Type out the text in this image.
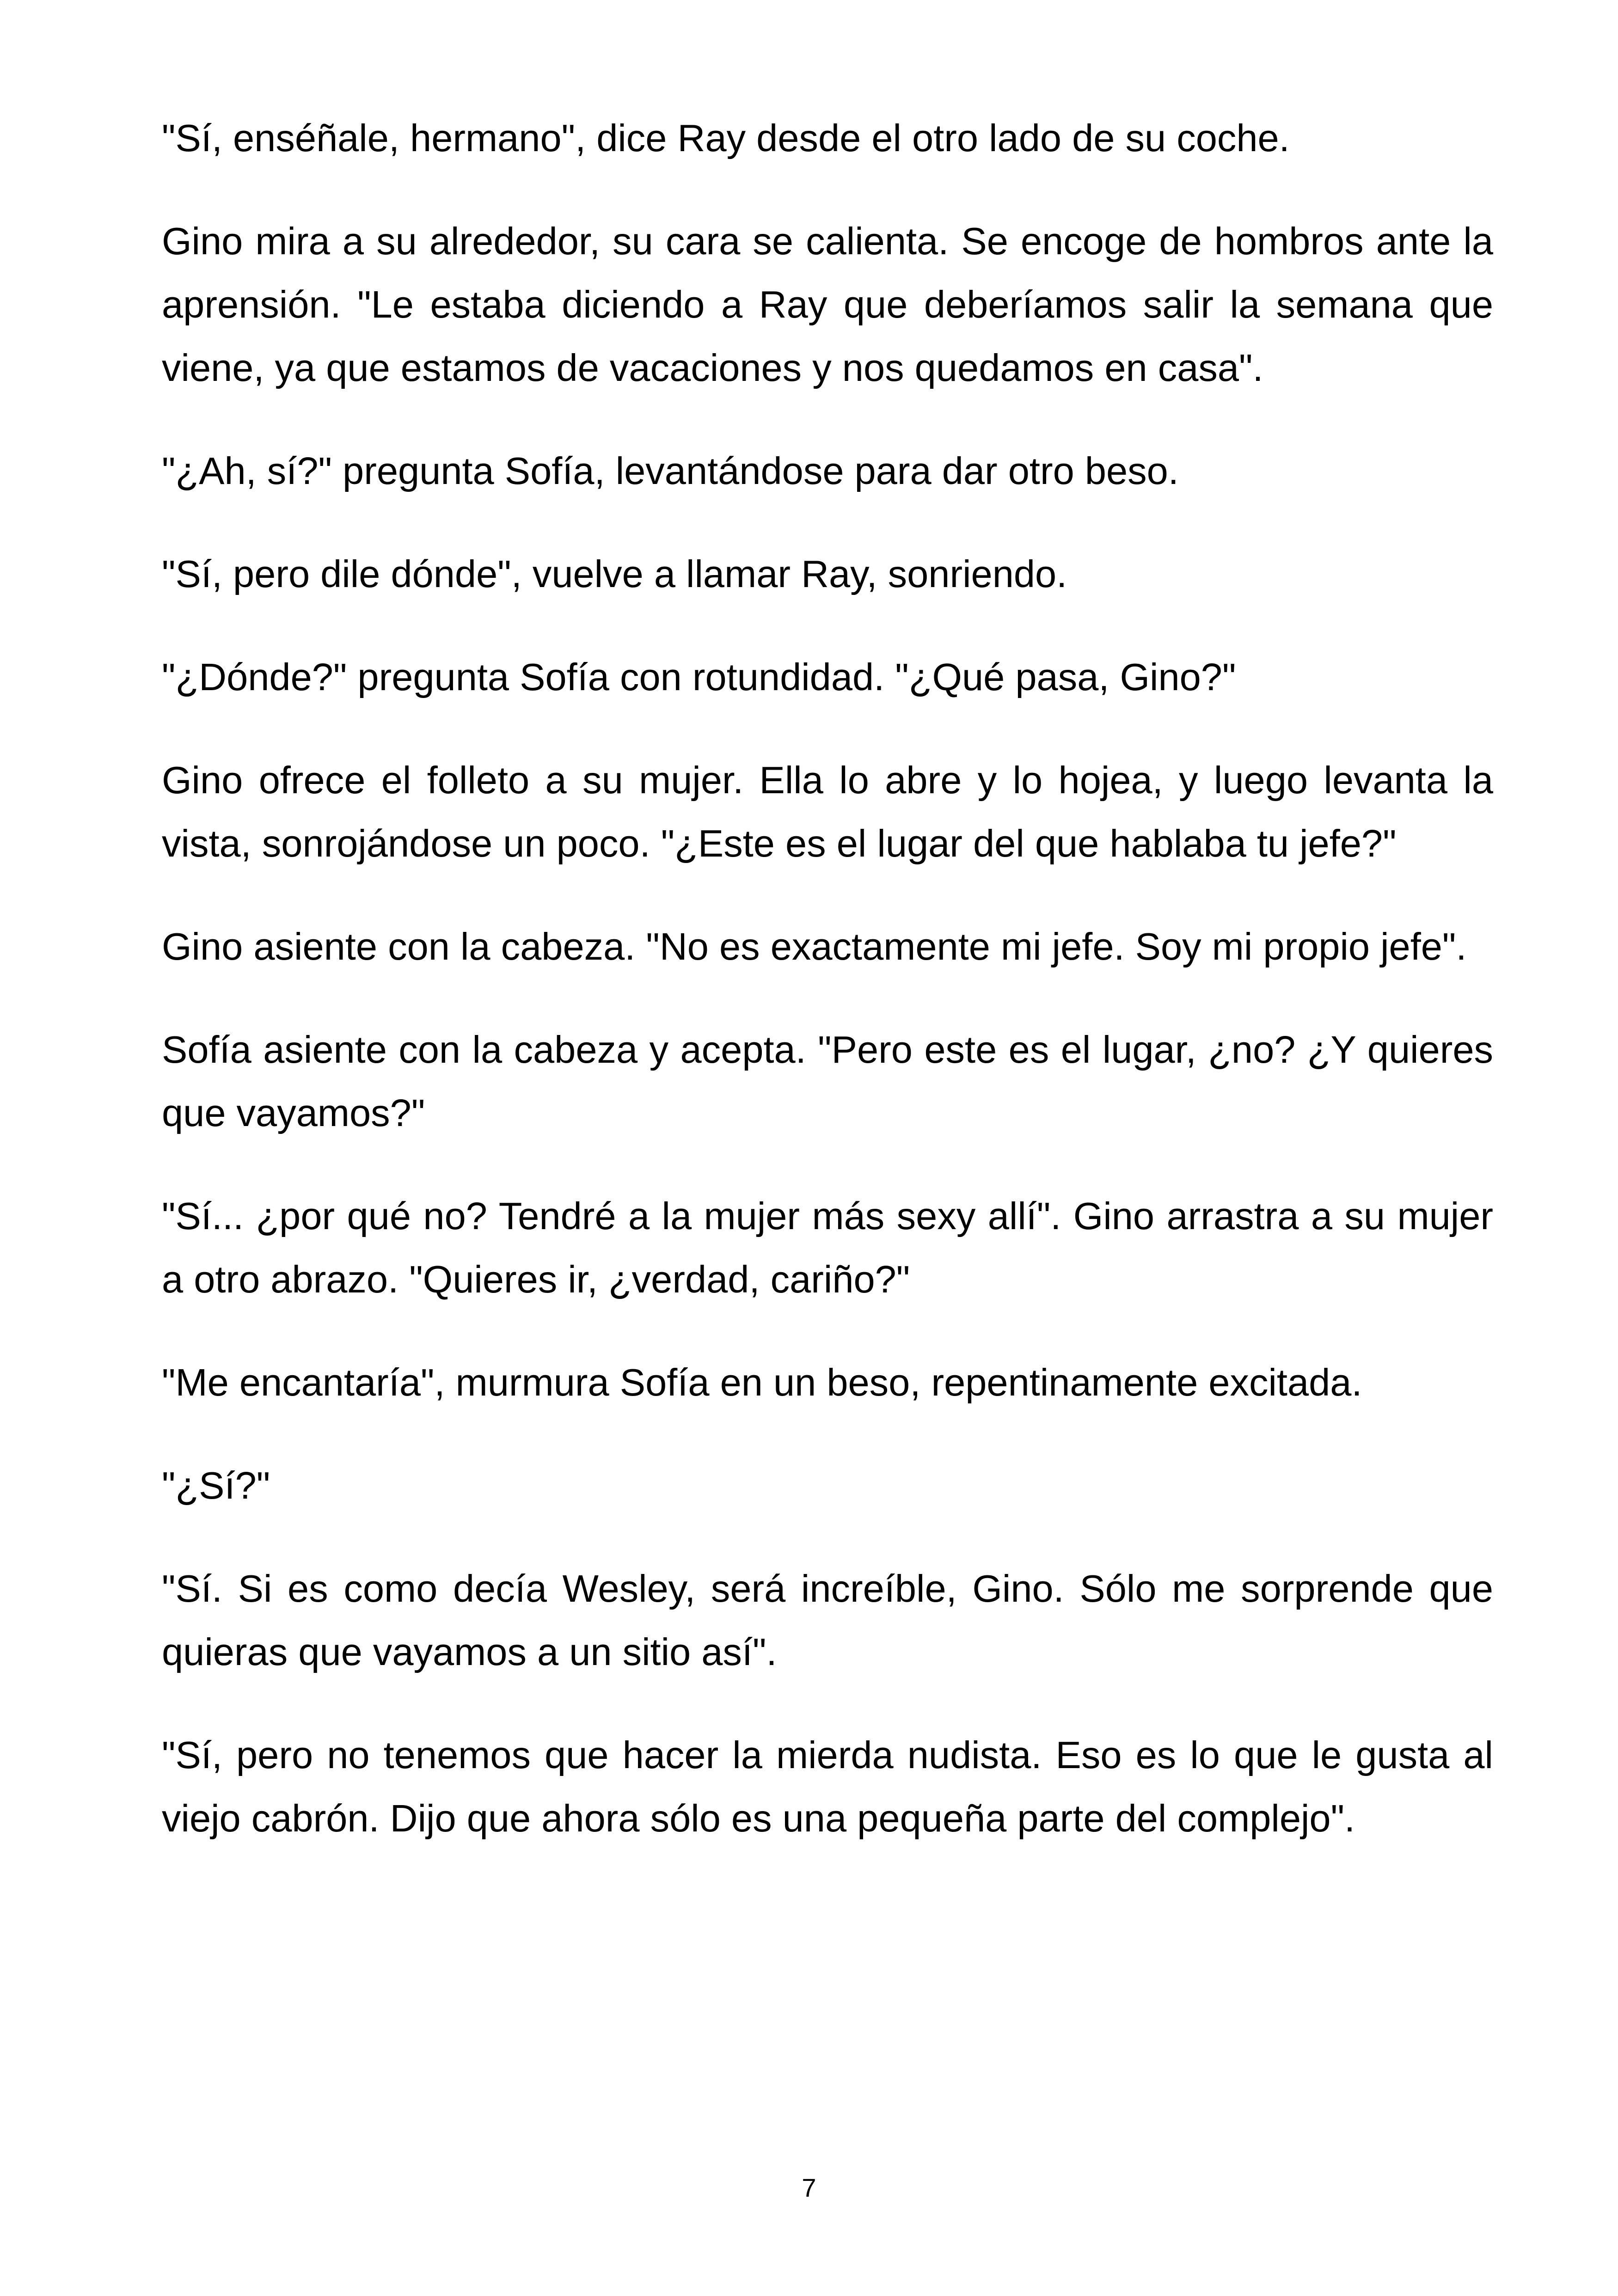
"Sí, enséñale, hermano", dice Ray desde el otro lado de su coche.

Gino mira a su alrededor, su cara se calienta. Se encoge de hombros ante la aprensión. "Le estaba diciendo a Ray que deberíamos salir la semana que viene, ya que estamos de vacaciones y nos quedamos en casa".

"¿Ah, sí?" pregunta Sofía, levantándose para dar otro beso.

"Sí, pero dile dónde", vuelve a llamar Ray, sonriendo.

"¿Dónde?" pregunta Sofía con rotundidad. "¿Qué pasa, Gino?"

Gino ofrece el folleto a su mujer. Ella lo abre y lo hojea, y luego levanta la vista, sonrojándose un poco. "¿Este es el lugar del que hablaba tu jefe?"

Gino asiente con la cabeza. "No es exactamente mi jefe. Soy mi propio jefe".

Sofía asiente con la cabeza y acepta. "Pero este es el lugar, ¿no? ¿Y quieres que vayamos?"

"Sí... ¿por qué no? Tendré a la mujer más sexy allí". Gino arrastra a su mujer a otro abrazo. "Quieres ir, ¿verdad, cariño?"

"Me encantaría", murmura Sofía en un beso, repentinamente excitada.

"¿Sí?"

"Sí. Si es como decía Wesley, será increíble, Gino. Sólo me sorprende que quieras que vayamos a un sitio así".

"Sí, pero no tenemos que hacer la mierda nudista. Eso es lo que le gusta al viejo cabrón. Dijo que ahora sólo es una pequeña parte del complejo".

7
